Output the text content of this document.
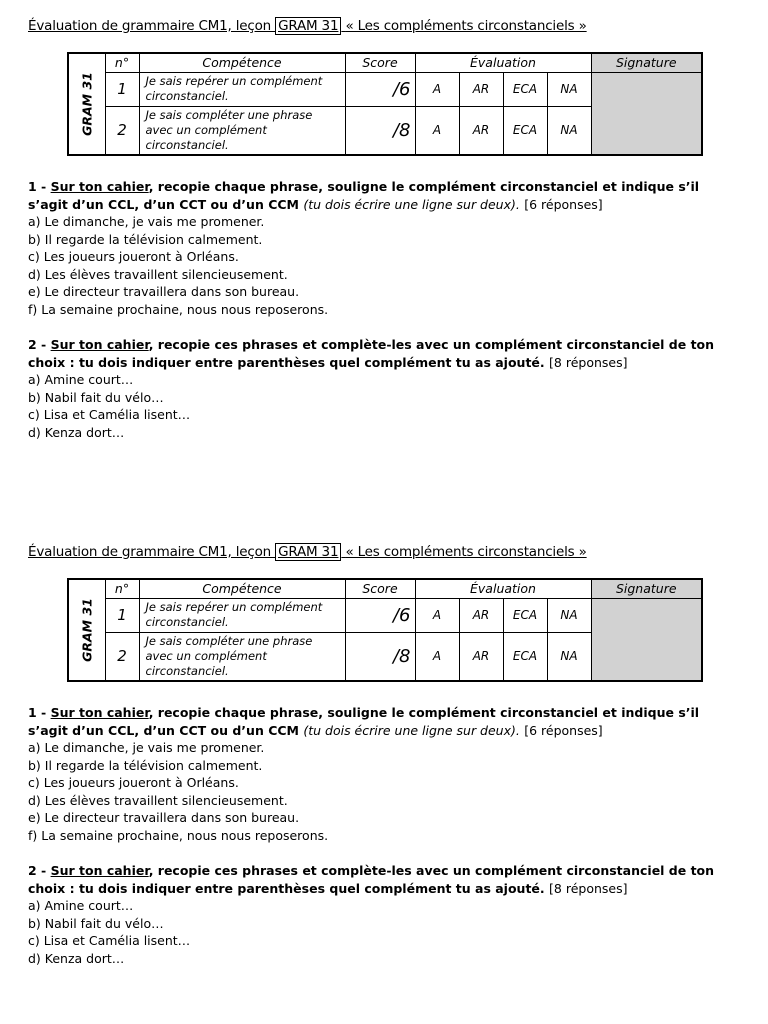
Évaluation de grammaire CM1, leçon GRAM 31 « Les compléments circonstanciels »
GRAM 31	n°	Compétence	Score	Évaluation				Signature
	1	Je sais repérer un complément circonstanciel.	/6	A	AR	ECA	NA	
	2	Je sais compléter une phrase avec un complément circonstanciel.	/8	A	AR	ECA	NA	
1 - Sur ton cahier, recopie chaque phrase, souligne le complément circonstanciel et indique s’il s’agit d’un CCL, d’un CCT ou d’un CCM (tu dois écrire une ligne sur deux). [6 réponses]
a) Le dimanche, je vais me promener.
b) Il regarde la télévision calmement.
c) Les joueurs joueront à Orléans.
d) Les élèves travaillent silencieusement.
e) Le directeur travaillera dans son bureau.
f) La semaine prochaine, nous nous reposerons.
2 - Sur ton cahier, recopie ces phrases et complète-les avec un complément circonstanciel de ton choix : tu dois indiquer entre parenthèses quel complément tu as ajouté. [8 réponses]
a) Amine court…
b) Nabil fait du vélo…
c) Lisa et Camélia lisent…
d) Kenza dort…
Évaluation de grammaire CM1, leçon GRAM 31 « Les compléments circonstanciels »
GRAM 31	n°	Compétence	Score	Évaluation				Signature
	1	Je sais repérer un complément circonstanciel.	/6	A	AR	ECA	NA	
	2	Je sais compléter une phrase avec un complément circonstanciel.	/8	A	AR	ECA	NA	
1 - Sur ton cahier, recopie chaque phrase, souligne le complément circonstanciel et indique s’il s’agit d’un CCL, d’un CCT ou d’un CCM (tu dois écrire une ligne sur deux). [6 réponses]
a) Le dimanche, je vais me promener.
b) Il regarde la télévision calmement.
c) Les joueurs joueront à Orléans.
d) Les élèves travaillent silencieusement.
e) Le directeur travaillera dans son bureau.
f) La semaine prochaine, nous nous reposerons.
2 - Sur ton cahier, recopie ces phrases et complète-les avec un complément circonstanciel de ton choix : tu dois indiquer entre parenthèses quel complément tu as ajouté. [8 réponses]
a) Amine court…
b) Nabil fait du vélo…
c) Lisa et Camélia lisent…
d) Kenza dort…
